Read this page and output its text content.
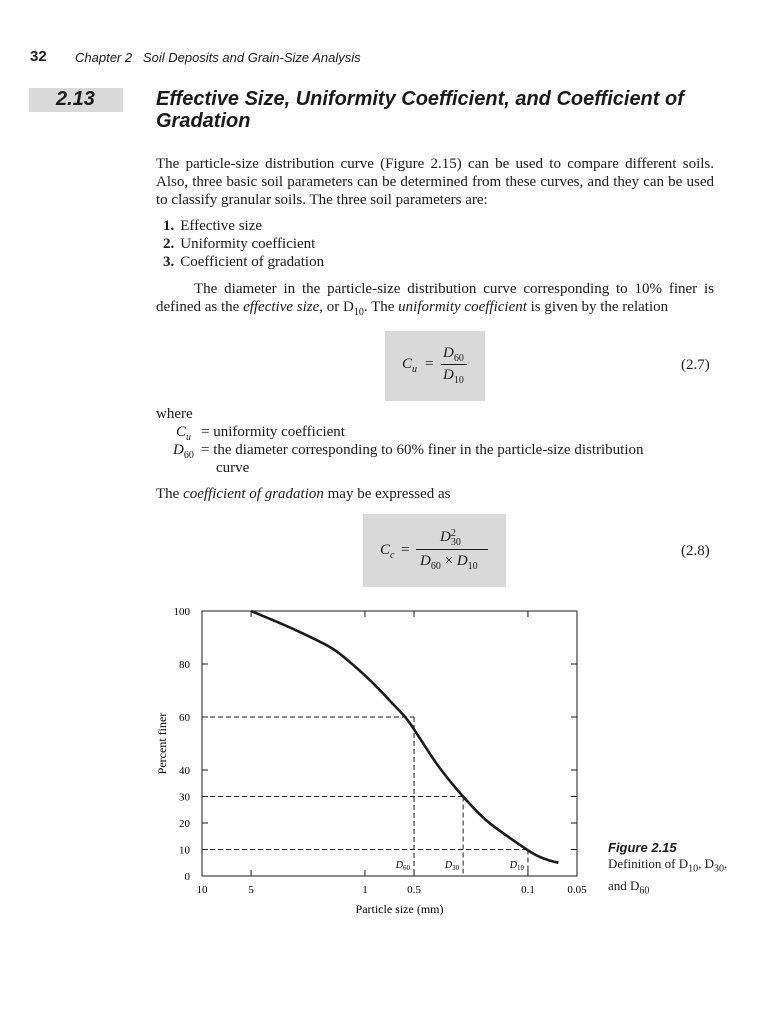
32 Chapter 2   Soil Deposits and Grain-Size Analysis
2.13	Effective Size, Uniformity Coefficient, and Coefficient of Gradation
The particle-size distribution curve (Figure 2.15) can be used to compare different soils. Also, three basic soil parameters can be determined from these curves, and they can be used to classify granular soils. The three soil parameters are:
1. Effective size
2. Uniformity coefficient
3. Coefficient of gradation
The diameter in the particle-size distribution curve corresponding to 10% finer is defined as the effective size, or $D_{10}$. The uniformity coefficient is given by the relation
$C_u$ =
$D_{60}$
$D_{10}$
(2.7)
where
$C_u$ = uniformity coefficient
$D_{60}$ = the diameter corresponding to 60% finer in the particle-size distribution
curve
The coefficient of gradation may be expressed as
$C_c$ =
D 2
30
$D_{60} \times D_{10}$
(2.8)
0
10
20
30
40
60
80
100
10	5	1	0.5	0.1	0.05
Particle size (mm)
Percent finer
$D_{60}$	$D_{30}$	$D_{10}$
Figure 2.15
Definition of $D_{10}$, $D_{30}$, and $D_{60}$
